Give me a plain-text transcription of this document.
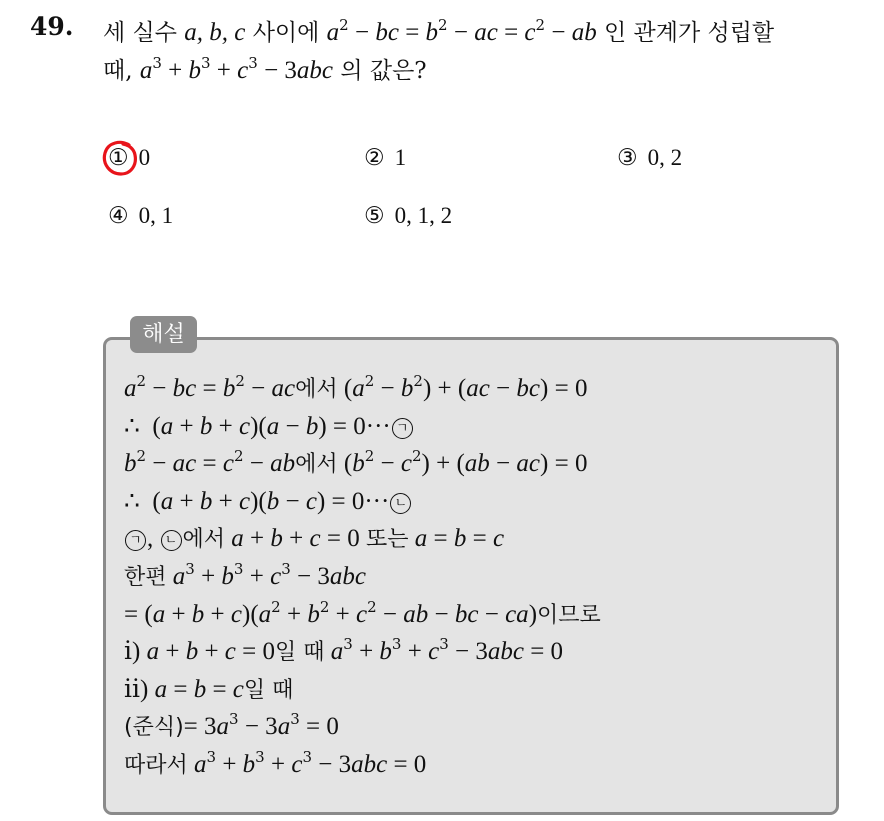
49. 세 실수 a, b, c 사이에 $a^2$ − bc = $b^2$ − ac = $c^2$ − ab 인 관계가 성립할
때, $a^3 + b^3 + c^3 - 3abc$ 의 값은?
① 0	② 1	③ 0, 2
④ 0, 1	⑤ 0, 1, 2
해설
$a^2$ − bc = $b^2$ − ac에서 $(a^2 - b^2) + (ac - bc) = 0$
∴  (a + b + c)(a − b) = 0··· ㄱ
$b^2$ − ac = $c^2$ − ab에서 $(b^2 - c^2) + (ab - ac) = 0$
∴  (a + b + c)(b − c) = 0··· ㄴ
ㄱ , ㄴ 에서 a + b + c = 0 또는 a = b = c
한편 $a^3 + b^3 + c^3 - 3abc$
= $(a + b + c)(a^2 + b^2 + c^2$ − ab − bc − ca)이므로
ⅰ) a + b + c = 0일 때 $a^3 + b^3 + c^3 - 3abc = 0$
ⅱ) a = b = c일 때
(준식)= $3a^3 - 3a^3 = 0$
따라서 $a^3 + b^3 + c^3 - 3abc = 0$
